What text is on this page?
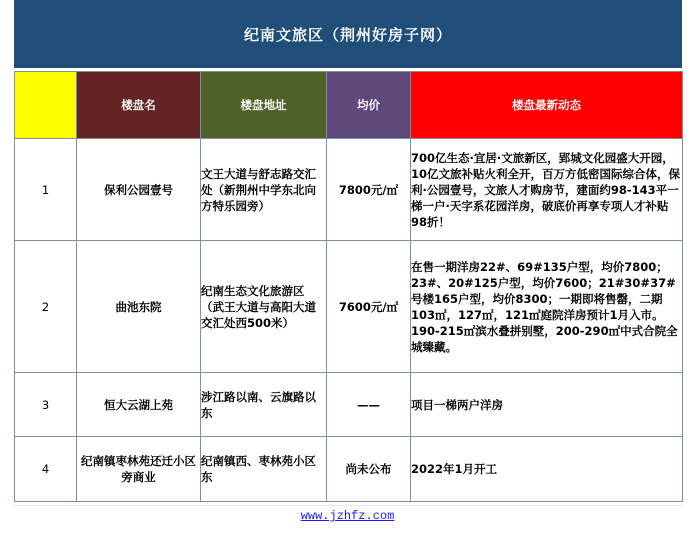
纪南文旅区（荆州好房子网）
	楼盘名	楼盘地址	均价	楼盘最新动态
1	保利公园壹号	文王大道与舒志路交汇处（新荆州中学东北向方特乐园旁）	7800元/㎡	700亿生态·宜居·文旅新区，郢城文化园盛大开园，10亿文旅补贴火利全开，百万方低密国际综合体，保利·公园壹号，文旅人才购房节，建面约98-143平一梯一户·天字系花园洋房，破底价再享专项人才补贴98折！
2	曲池东院	纪南生态文化旅游区（武王大道与高阳大道交汇处西500米）	7600元/㎡	在售一期洋房22#、69#135户型，均价7800；23#、20#125户型，均价7600；21#30#37#号楼165户型，均价8300；一期即将售罄，二期103㎡，127㎡，121㎡庭院洋房预计1月入市。 190-215㎡滨水叠拼别墅，200-290㎡中式合院全城臻藏。
3	恒大云湖上苑	涉江路以南、云旗路以东	——	项目一梯两户洋房
4	纪南镇枣林苑还迁小区旁商业	纪南镇西、枣林苑小区东	尚未公布	2022年1月开工
www.jzhfz.com
